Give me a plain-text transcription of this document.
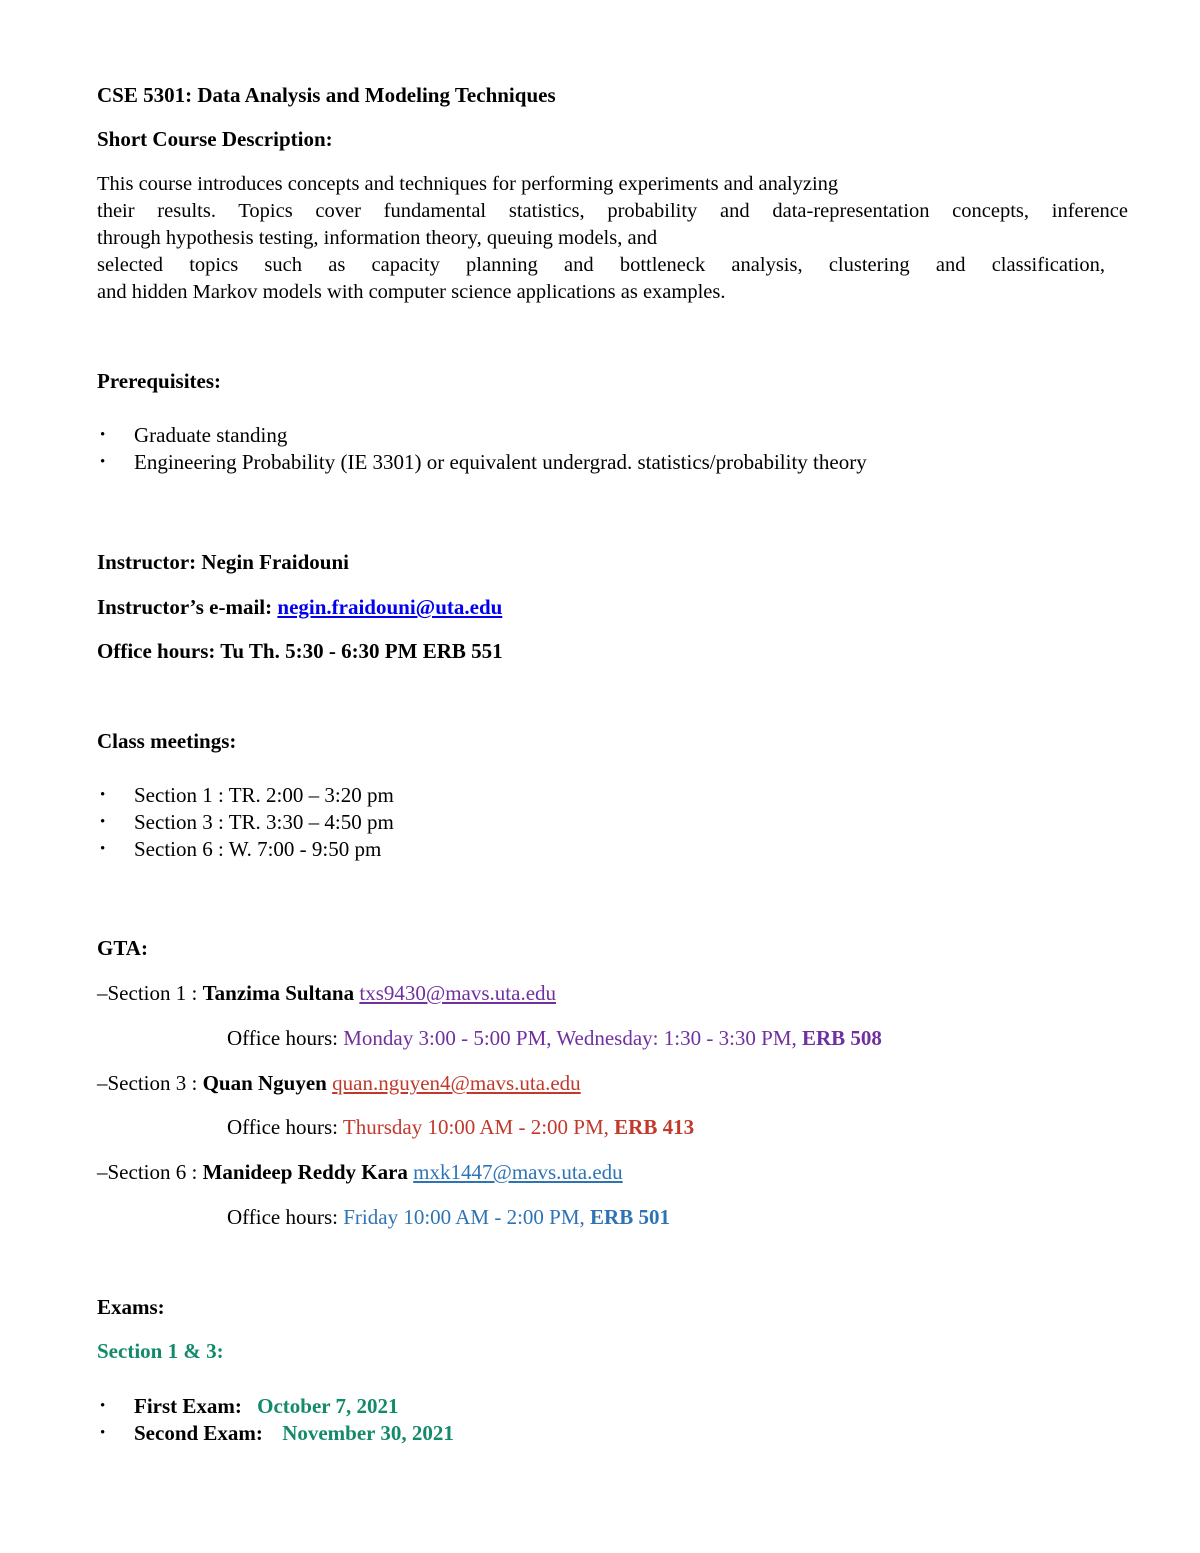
CSE 5301: Data Analysis and Modeling Techniques
Short Course Description:
This course introduces concepts and techniques for performing experiments and analyzing
their results. Topics cover fundamental statistics, probability and data-representation concepts, inference
through hypothesis testing, information theory, queuing models, and
selected topics such as capacity planning and bottleneck analysis, clustering and classification,
and hidden Markov models with computer science applications as examples.
Prerequisites:
• Graduate standing
• Engineering Probability (IE 3301) or equivalent undergrad. statistics/probability theory
Instructor: Negin Fraidouni
Instructor’s e-mail: negin.fraidouni@uta.edu
Office hours: Tu Th. 5:30 - 6:30 PM ERB 551
Class meetings:
• Section 1 : TR. 2:00 – 3:20 pm
• Section 3 : TR. 3:30 – 4:50 pm
• Section 6 : W. 7:00 - 9:50 pm
GTA:
–Section 1 : Tanzima Sultana txs9430@mavs.uta.edu
Office hours: Monday 3:00 - 5:00 PM, Wednesday: 1:30 - 3:30 PM, ERB 508
–Section 3 : Quan Nguyen quan.nguyen4@mavs.uta.edu
Office hours: Thursday 10:00 AM - 2:00 PM, ERB 413
–Section 6 : Manideep Reddy Kara mxk1447@mavs.uta.edu
Office hours: Friday 10:00 AM - 2:00 PM, ERB 501
Exams:
Section 1 & 3:
• First Exam: October 7, 2021
• Second Exam: November 30, 2021
